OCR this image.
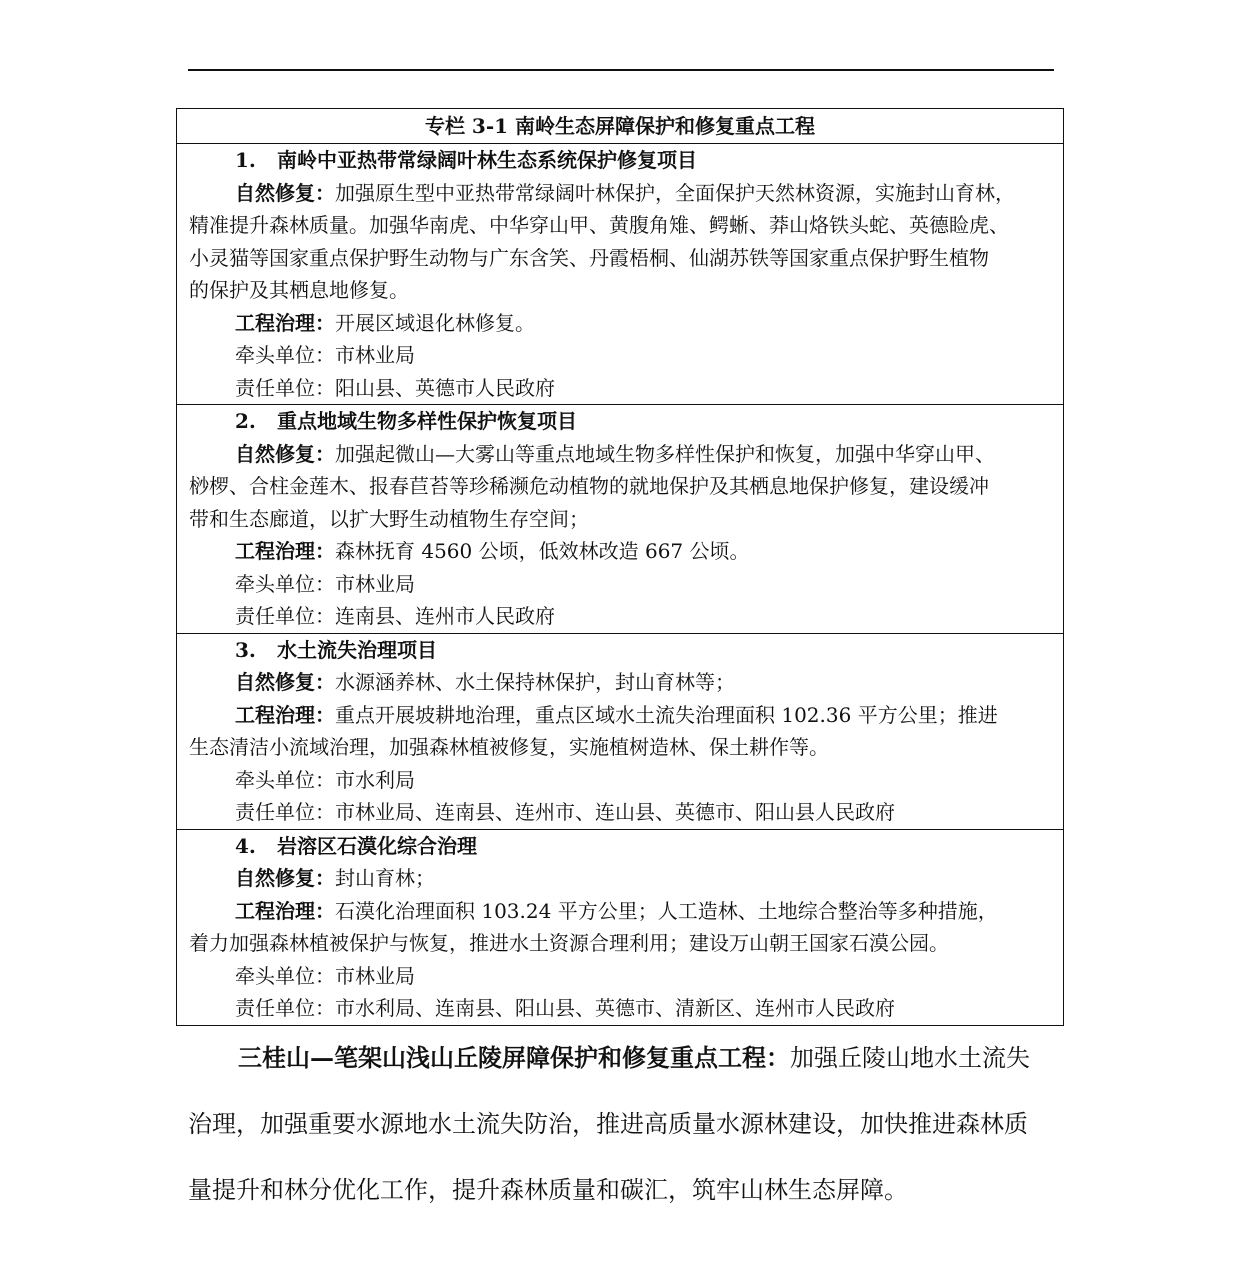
专栏 3-1 南岭生态屏障保护和修复重点工程
1. 南岭中亚热带常绿阔叶林生态系统保护修复项目
自然修复：加强原生型中亚热带常绿阔叶林保护，全面保护天然林资源，实施封山育林，
精准提升森林质量。加强华南虎、中华穿山甲、黄腹角雉、鳄蜥、莽山烙铁头蛇、英德睑虎、
小灵猫等国家重点保护野生动物与广东含笑、丹霞梧桐、仙湖苏铁等国家重点保护野生植物
的保护及其栖息地修复。
工程治理：开展区域退化林修复。
牵头单位：市林业局
责任单位：阳山县、英德市人民政府
2. 重点地域生物多样性保护恢复项目
自然修复：加强起微山—大雾山等重点地域生物多样性保护和恢复，加强中华穿山甲、
桫椤、合柱金莲木、报春苣苔等珍稀濒危动植物的就地保护及其栖息地保护修复，建设缓冲
带和生态廊道，以扩大野生动植物生存空间；
工程治理：森林抚育 4560 公顷，低效林改造 667 公顷。
牵头单位：市林业局
责任单位：连南县、连州市人民政府
3. 水土流失治理项目
自然修复：水源涵养林、水土保持林保护，封山育林等；
工程治理：重点开展坡耕地治理，重点区域水土流失治理面积 102.36 平方公里；推进
生态清洁小流域治理，加强森林植被修复，实施植树造林、保土耕作等。
牵头单位：市水利局
责任单位：市林业局、连南县、连州市、连山县、英德市、阳山县人民政府
4. 岩溶区石漠化综合治理
自然修复：封山育林；
工程治理：石漠化治理面积 103.24 平方公里；人工造林、土地综合整治等多种措施，
着力加强森林植被保护与恢复，推进水土资源合理利用；建设万山朝王国家石漠公园。
牵头单位：市林业局
责任单位：市水利局、连南县、阳山县、英德市、清新区、连州市人民政府
三桂山—笔架山浅山丘陵屏障保护和修复重点工程：加强丘陵山地水土流失
治理，加强重要水源地水土流失防治，推进高质量水源林建设，加快推进森林质
量提升和林分优化工作，提升森林质量和碳汇，筑牢山林生态屏障。
